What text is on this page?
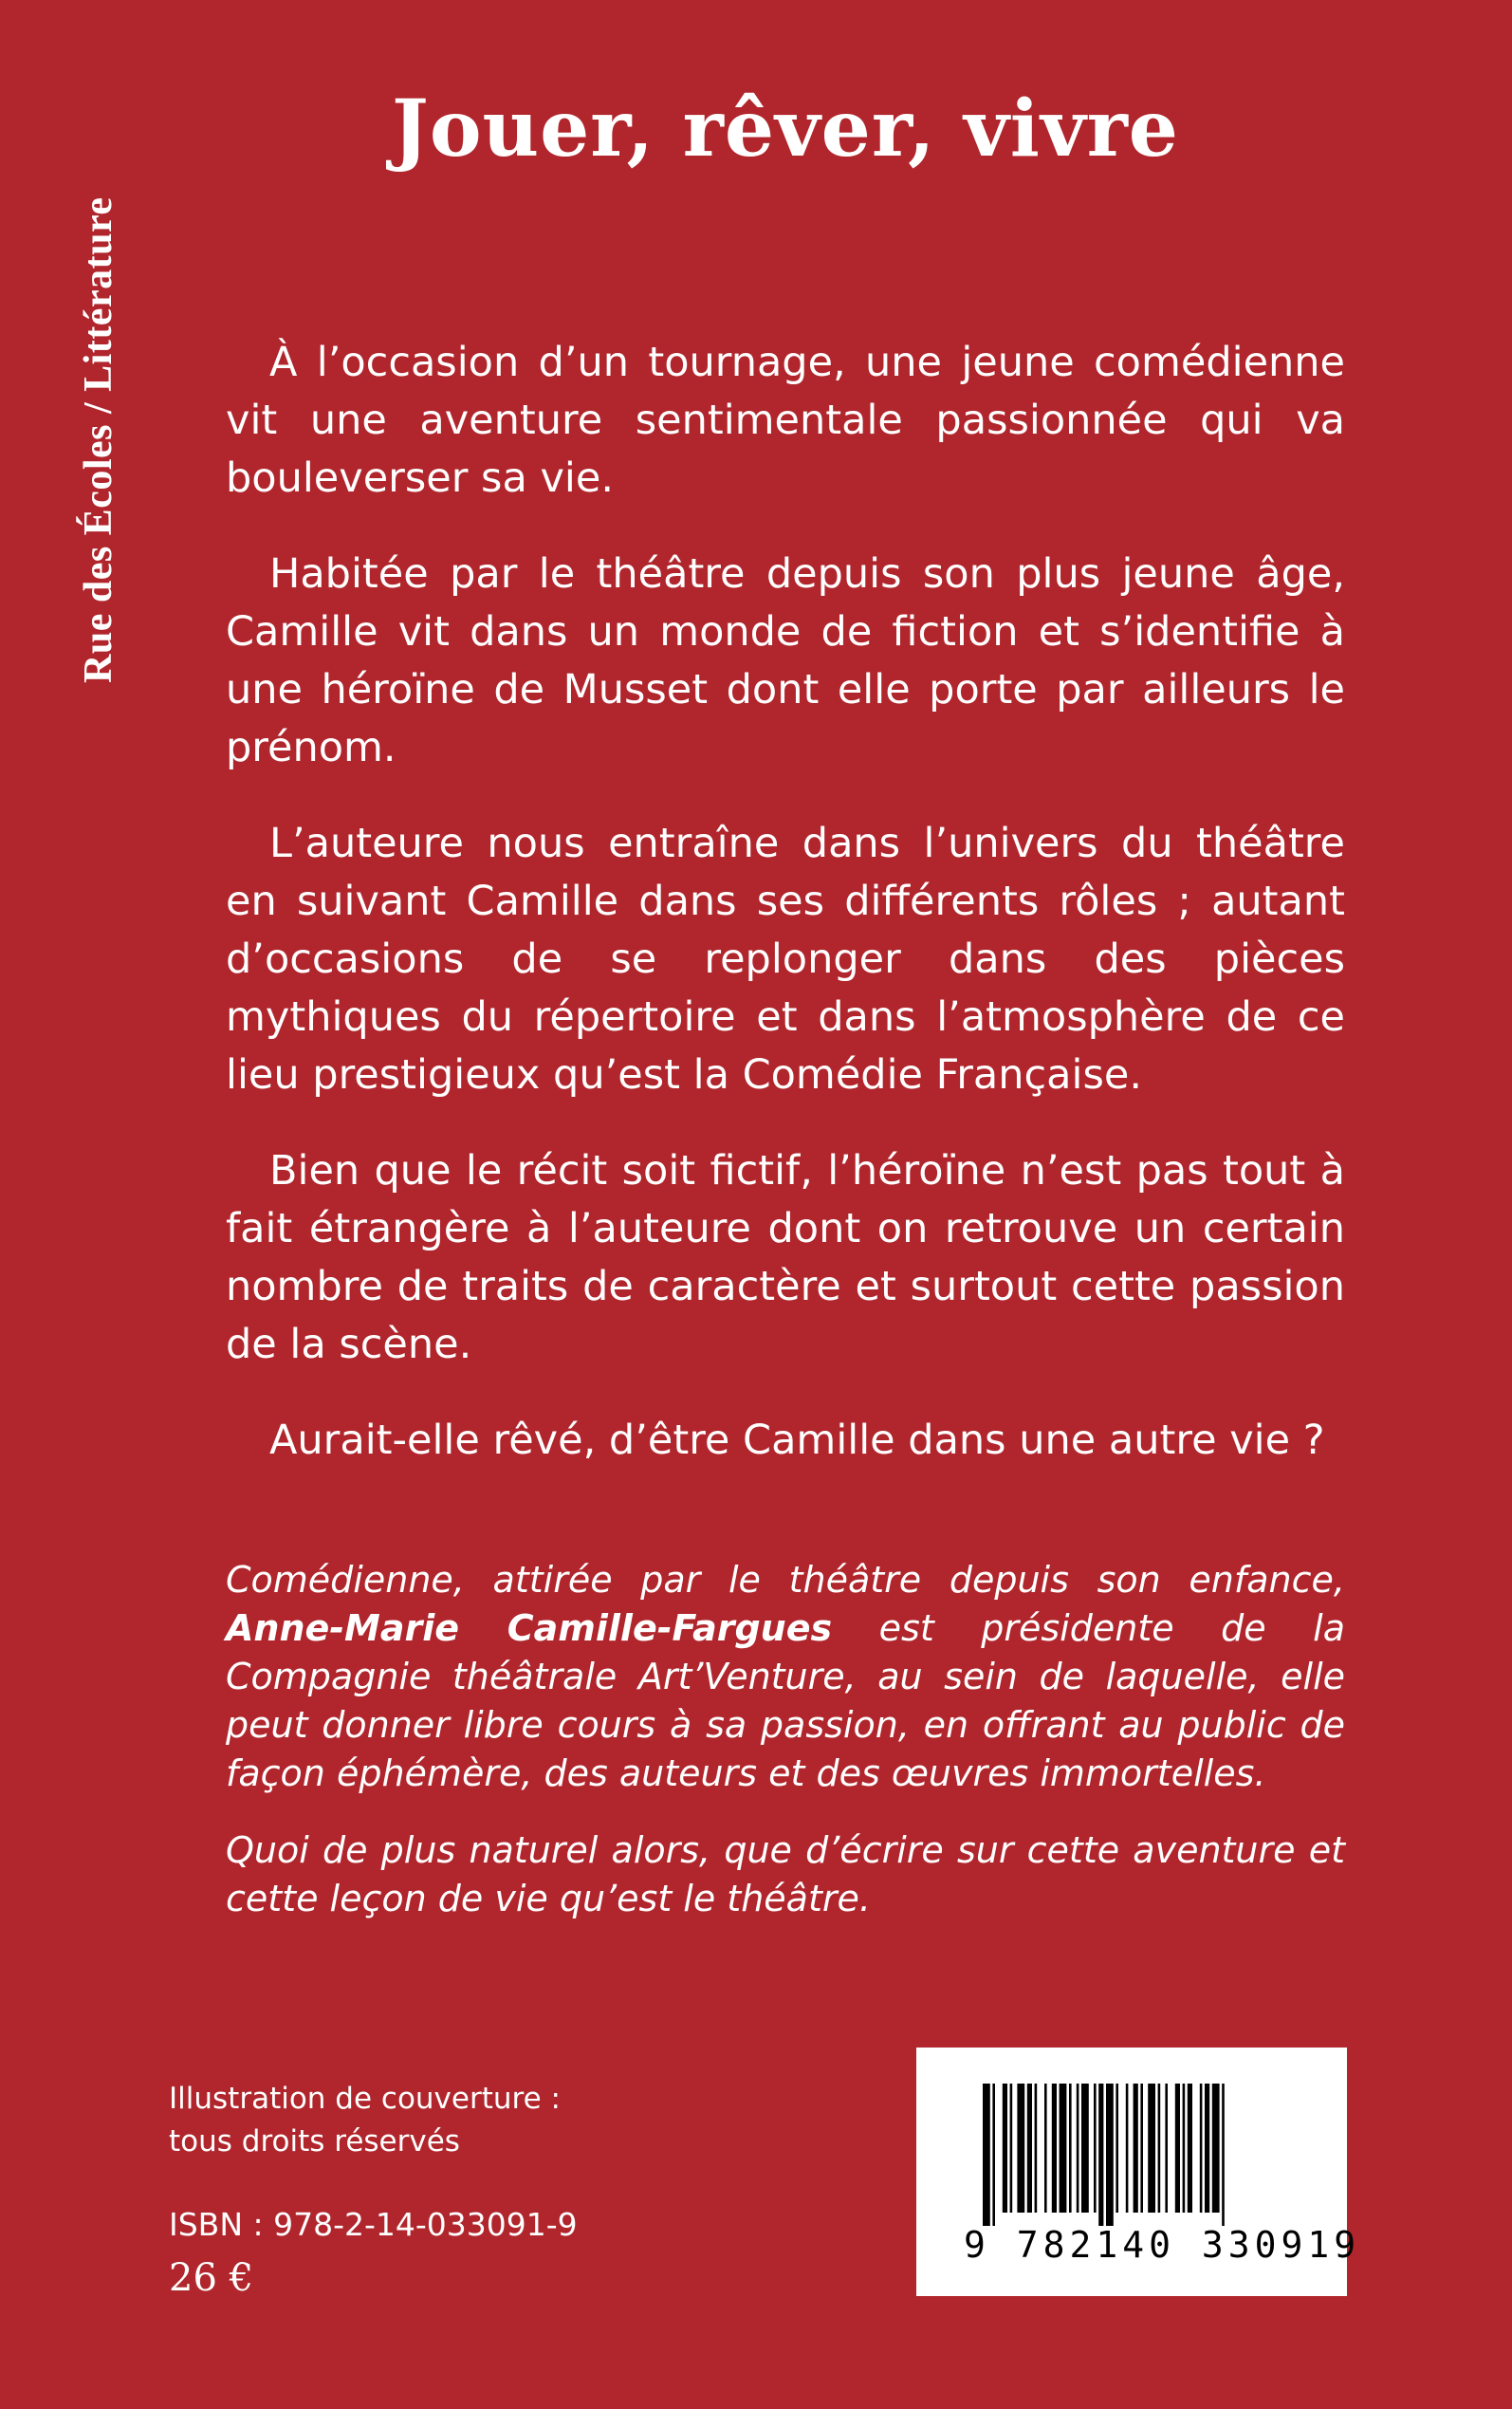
Rue des Écoles / Littérature
Jouer, rêver, vivre

À l’occasion d’un tournage, une jeune comédienne vit une aventure sentimentale passionnée qui va bouleverser sa vie.

Habitée par le théâtre depuis son plus jeune âge, Camille vit dans un monde de fiction et s’identifie à une héroïne de Musset dont elle porte par ailleurs le prénom.

L’auteure nous entraîne dans l’univers du théâtre en suivant Camille dans ses différents rôles ; autant d’occasions de se replonger dans des pièces mythiques du répertoire et dans l’atmosphère de ce lieu prestigieux qu’est la Comédie Française.

Bien que le récit soit fictif, l’héroïne n’est pas tout à fait étrangère à l’auteure dont on retrouve un certain nombre de traits de caractère et surtout cette passion de la scène.

Aurait-elle rêvé, d’être Camille dans une autre vie ?

Comédienne, attirée par le théâtre depuis son enfance, Anne-Marie Camille-Fargues est présidente de la Compagnie théâtrale Art’Venture, au sein de laquelle, elle peut donner libre cours à sa passion, en offrant au public de façon éphémère, des auteurs et des œuvres immortelles.

Quoi de plus naturel alors, que d’écrire sur cette aventure et cette leçon de vie qu’est le théâtre.

Illustration de couverture :
tous droits réservés
ISBN : 978-2-14-033091-9
26 €
9 782140 330919
